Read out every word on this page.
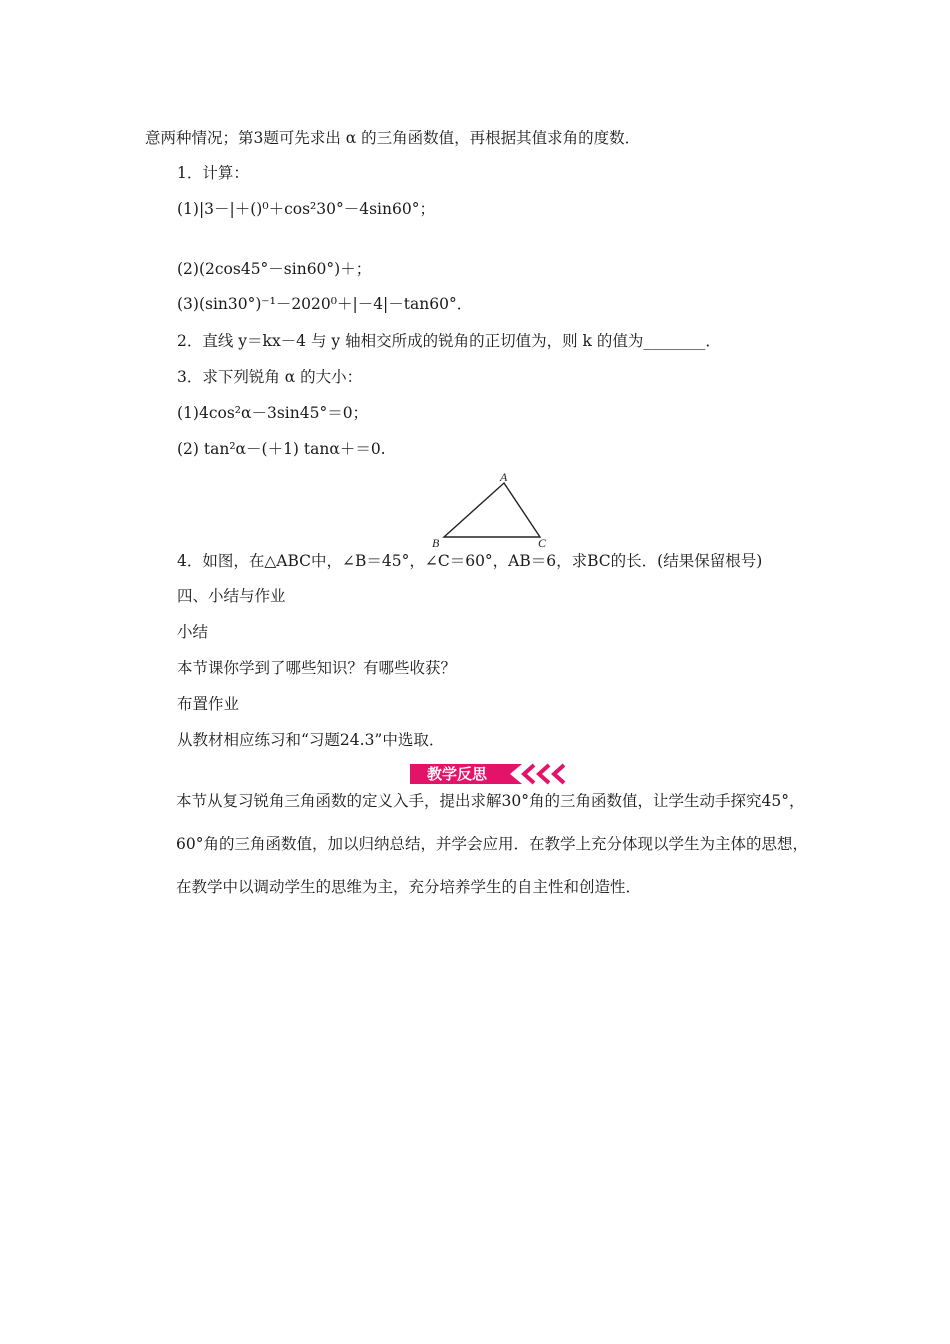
意两种情况；第3题可先求出 α 的三角函数值，再根据其值求角的度数．
1．计算：
(1)|3－|＋()⁰＋cos²30°－4sin60°；
(2)(2cos45°－sin60°)＋；
(3)(sin30°)⁻¹－2020⁰＋|－4|－tan60°．
2．直线 y＝kx－4 与 y 轴相交所成的锐角的正切值为，则 k 的值为________．
3．求下列锐角 α 的大小：
(1)4cos²α－3sin45°＝0；
(2) tan²α－(＋1) tanα＋＝0.
A
B	C
4．如图，在△ABC中，∠B＝45°，∠C＝60°，AB＝6，求BC的长．(结果保留根号)
四、小结与作业
小结
本节课你学到了哪些知识？有哪些收获？
布置作业
从教材相应练习和“习题24.3”中选取．
教学反思
本节从复习锐角三角函数的定义入手，提出求解30°角的三角函数值，让学生动手探究45°，60°角的三角函数值，加以归纳总结，并学会应用．在教学上充分体现以学生为主体的思想，在教学中以调动学生的思维为主，充分培养学生的自主性和创造性．
